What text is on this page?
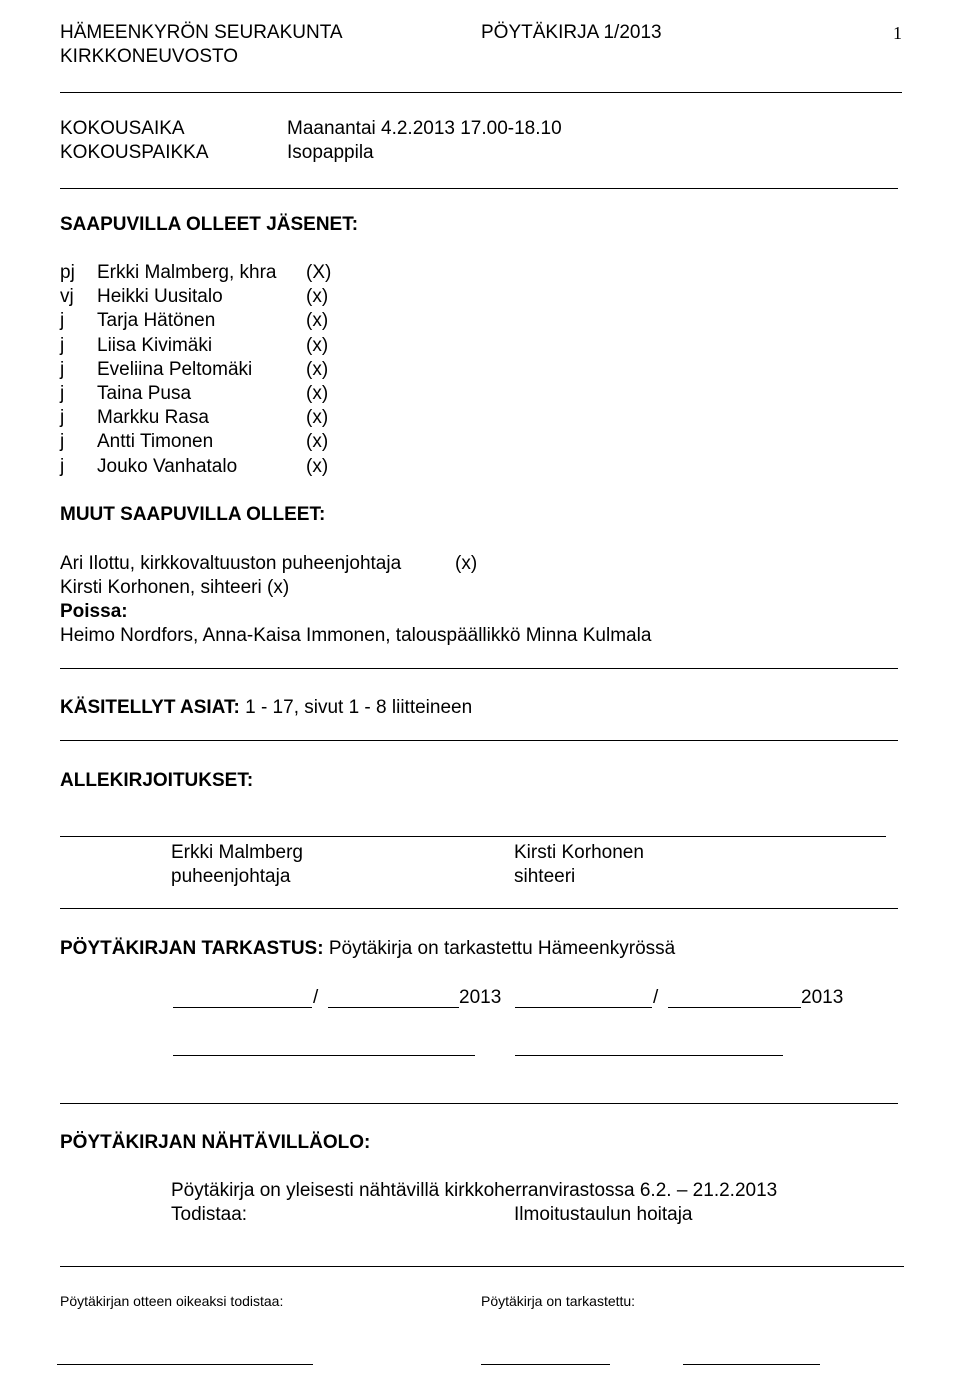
HÄMEENKYRÖN SEURAKUNTA
KIRKKONEUVOSTO
PÖYTÄKIRJA 1/2013	1
KOKOUSAIKA	Maanantai 4.2.2013 17.00-18.10
KOKOUSPAIKKA	Isopappila
SAAPUVILLA OLLEET JÄSENET:
pj Erkki Malmberg, khra (X)
vj Heikki Uusitalo	(x)
j Tarja Hätönen	(x)
j Liisa Kivimäki	(x)
j Eveliina Peltomäki	(x)
j Taina Pusa	(x)
j Markku Rasa	(x)
j Antti Timonen	(x)
j Jouko Vanhatalo	(x)
MUUT SAAPUVILLA OLLEET:
Ari Ilottu, kirkkovaltuuston puheenjohtaja	(x)
Kirsti Korhonen, sihteeri (x)
Poissa:
Heimo Nordfors, Anna-Kaisa Immonen, talouspäällikkö Minna Kulmala
KÄSITELLYT ASIAT: 1 - 17, sivut 1 - 8 liitteineen
ALLEKIRJOITUKSET:
Erkki Malmberg
puheenjohtaja
Kirsti Korhonen
sihteeri
PÖYTÄKIRJAN TARKASTUS: Pöytäkirja on tarkastettu Hämeenkyrössä
/	2013	/	2013
PÖYTÄKIRJAN NÄHTÄVILLÄOLO:
Pöytäkirja on yleisesti nähtävillä kirkkoherranvirastossa 6.2. – 21.2.2013
Todistaa:	Ilmoitustaulun hoitaja
Pöytäkirjan otteen oikeaksi todistaa:	Pöytäkirja on tarkastettu:
